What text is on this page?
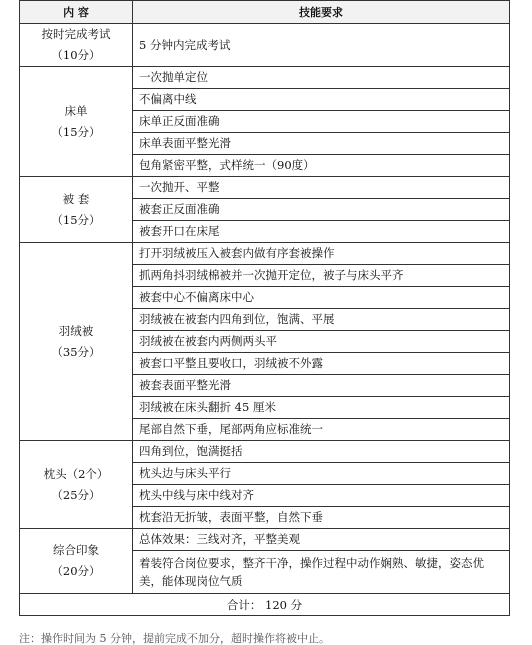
内 容	技能要求

按时完成考试
（10分）	5 分钟内完成考试

床单
（15分）	一次抛单定位
	不偏离中线
	床单正反面准确
	床单表面平整光滑
	包角紧密平整，式样统一（90度）

被 套
（15分）	一次抛开、平整
	被套正反面准确
	被套开口在床尾

羽绒被
（35分）	打开羽绒被压入被套内做有序套被操作
	抓两角抖羽绒棉被并一次抛开定位，被子与床头平齐
	被套中心不偏离床中心
	羽绒被在被套内四角到位，饱满、平展
	羽绒被在被套内两侧两头平
	被套口平整且要收口，羽绒被不外露
	被套表面平整光滑
	羽绒被在床头翻折 45 厘米
	尾部自然下垂，尾部两角应标准统一

枕头（2个）
（25分）	四角到位，饱满挺括
	枕头边与床头平行
	枕头中线与床中线对齐
	枕套沿无折皱，表面平整，自然下垂

综合印象
（20分）	总体效果：三线对齐，平整美观
	着装符合岗位要求，整齐干净，操作过程中动作娴熟、敏捷，姿态优美，能体现岗位气质
合计： 120 分	
注：操作时间为 5 分钟，提前完成不加分，超时操作将被中止。
